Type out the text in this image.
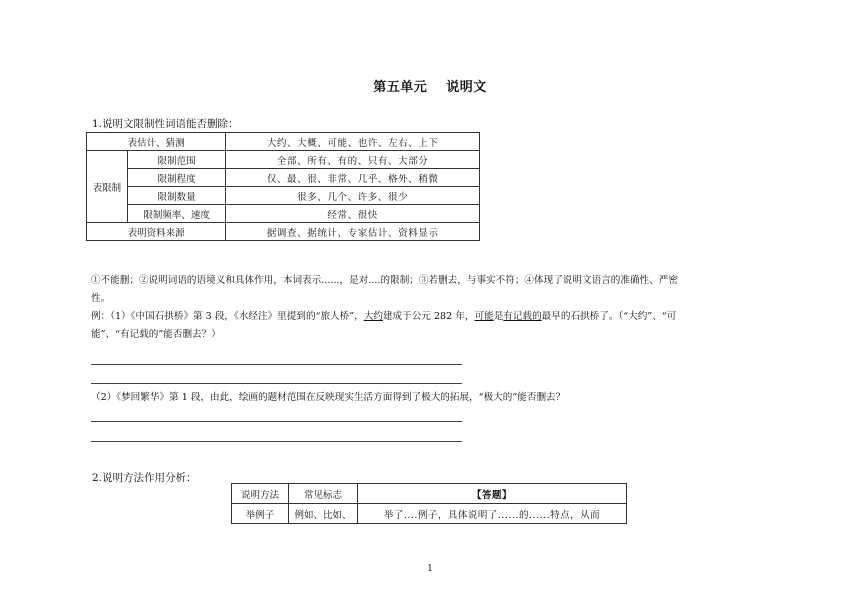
第五单元 说明文
1.说明文限制性词语能否删除：
表估计、猜测		大约、大概、可能、也许、左右、上下
表限制	限制范围	全部、所有、有的、只有、大部分
	限制程度	仅、最、很、非常、几乎、格外、稍微
	限制数量	很多、几个、许多、很少
	限制频率、速度	经常、很快
表明资料来源		据调查、据统计、专家估计、资料显示

①不能删；②说明词语的语境义和具体作用，本词表示......，是对....的限制；③若删去，与事实不符；④体现了说明文语言的准确性、严密

性。

例：（1）《中国石拱桥》第 3 段，《水经注》里提到的“旅人桥”，大约建成于公元 282 年，可能是有记载的最早的石拱桥了。（“大约”、“可

能”、“有记载的”能否删去？）

（2）《梦回繁华》第 1 段，由此，绘画的题材范围在反映现实生活方面得到了极大的拓展，“极大的”能否删去？
2.说明方法作用分析：
说明方法	常见标志	【答题】
举例子	例如、比如、	举了....例子，具体说明了......的......特点，从而
1
